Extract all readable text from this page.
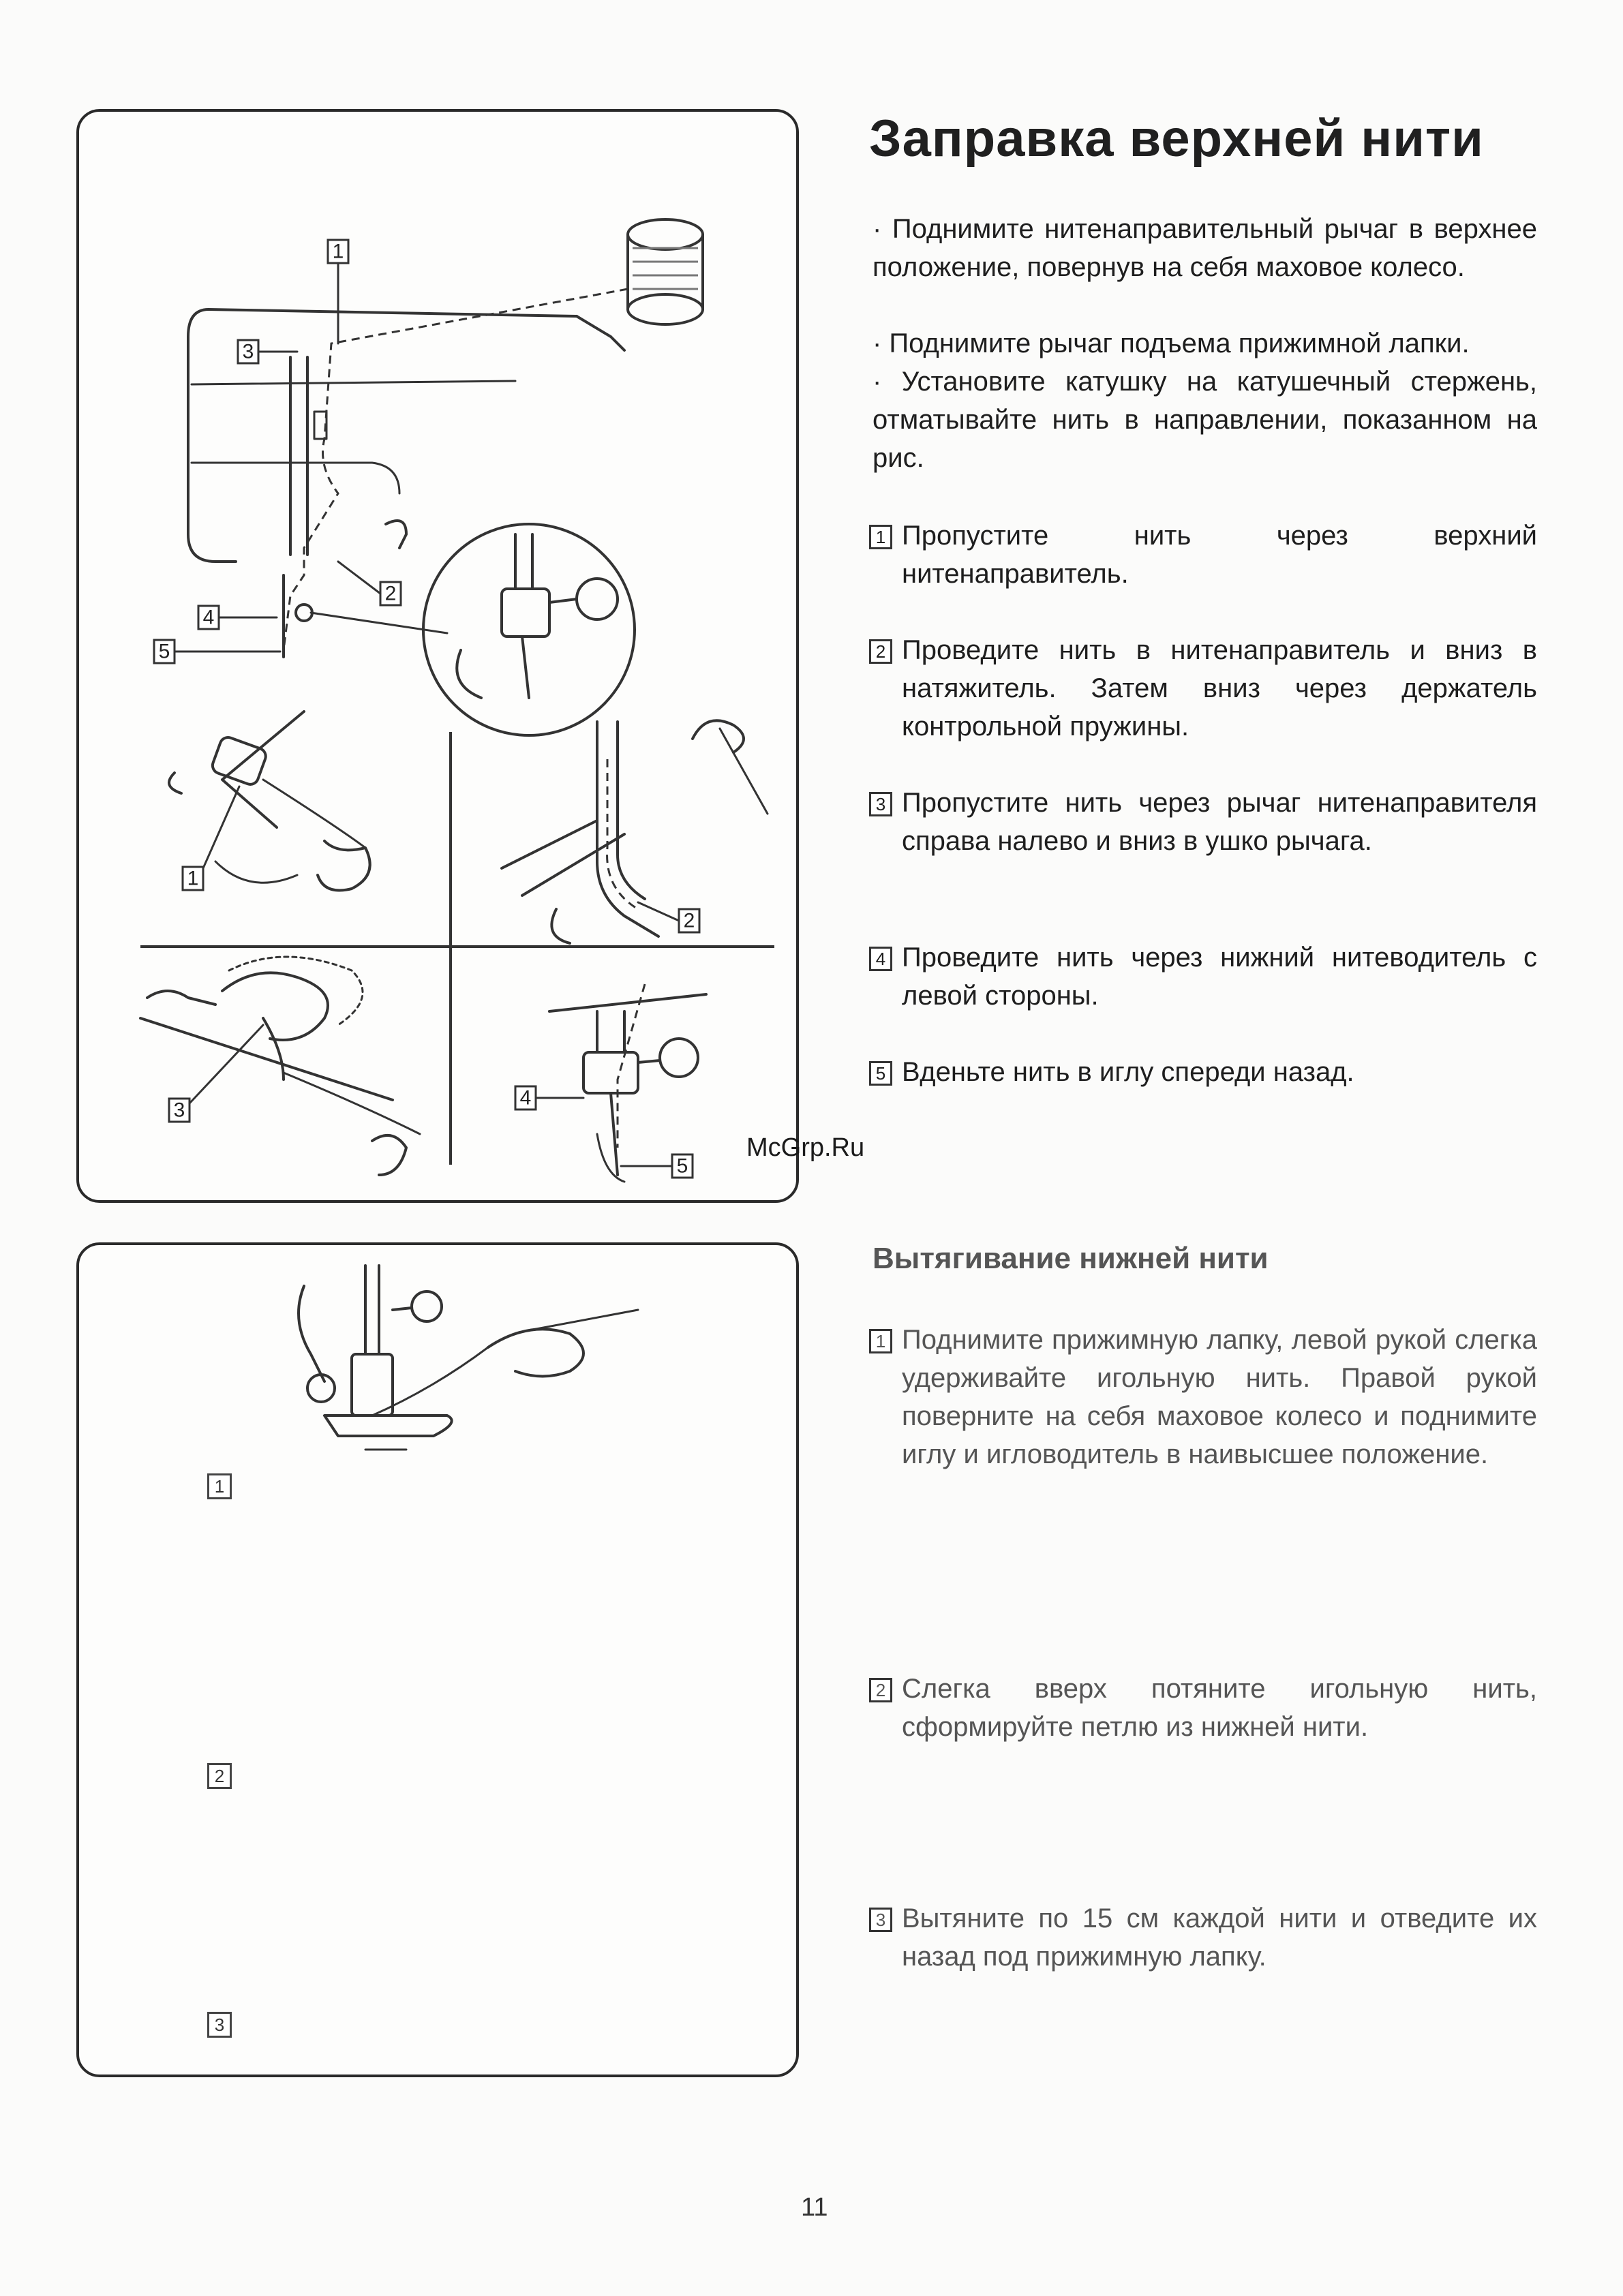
1
3
2
4
5
1
2
3
4
5
1
2
3
Заправка верхней нити

· Поднимите нитенаправительный рычаг в верхнее положение, повернув на себя маховое колесо.

· Поднимите рычаг подъема прижимной лапки.

· Установите катушку на катушечный стержень, отматывайте нить в направлении, показанном на рис.

1 Пропустите нить через верхний нитенаправитель.
2 Проведите нить в нитенаправитель и вниз в натяжитель. Затем вниз через держатель контрольной пружины.
3 Пропустите нить через рычаг нитенаправителя справа налево и вниз в ушко рычага.
4 Проведите нить через нижний нитеводитель с левой стороны.
5 Вденьте нить в иглу спереди назад.
McGrp.Ru
Вытягивание нижней нити
1 Поднимите прижимную лапку, левой рукой слегка удерживайте игольную нить. Правой рукой поверните на себя маховое колесо и поднимите иглу и игловодитель в наивысшее положение.
2 Слегка вверх потяните игольную нить, сформируйте петлю из нижней нити.
3 Вытяните по 15 см каждой нити и отведите их назад под прижимную лапку.
11
